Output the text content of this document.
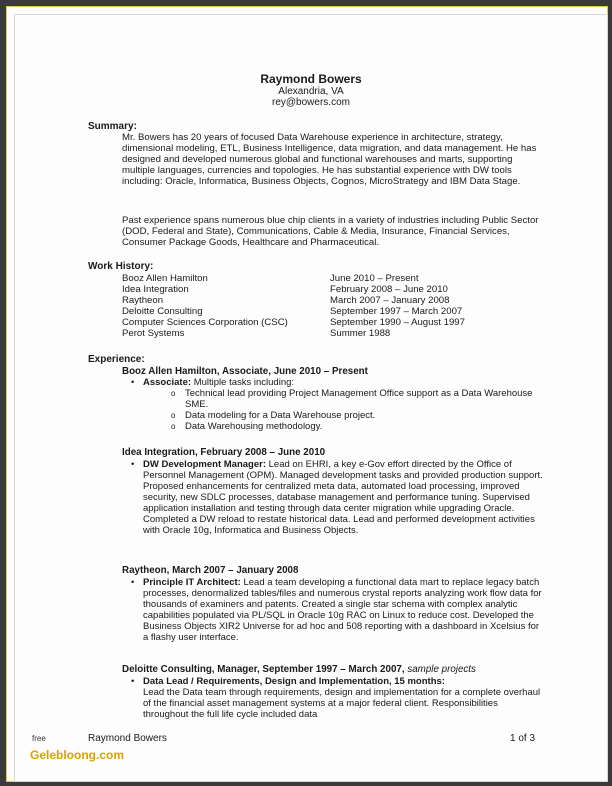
Raymond Bowers
Alexandria, VA
rey@bowers.com
Summary:
Mr. Bowers has 20 years of focused Data Warehouse experience in architecture, strategy, dimensional modeling, ETL, Business Intelligence, data migration, and data management. He has designed and developed numerous global and functional warehouses and marts, supporting multiple languages, currencies and topologies. He has substantial experience with DW tools including: Oracle, Informatica, Business Objects, Cognos, MicroStrategy and IBM Data Stage.
Past experience spans numerous blue chip clients in a variety of industries including Public Sector (DOD, Federal and State), Communications, Cable & Media, Insurance, Financial Services, Consumer Package Goods, Healthcare and Pharmaceutical.
Work History:
Booz Allen Hamilton	June 2010 – Present
Idea Integration	February 2008 – June 2010
Raytheon	March 2007 – January 2008
Deloitte Consulting	September 1997 – March 2007
Computer Sciences Corporation (CSC)	September 1990 – August 1997
Perot Systems	Summer 1988
Experience:
Booz Allen Hamilton, Associate, June 2010 – Present
• Associate: Multiple tasks including:
o Technical lead providing Project Management Office support as a Data Warehouse SME.
o Data modeling for a Data Warehouse project.
o Data Warehousing methodology.
Idea Integration, February 2008 – June 2010
• DW Development Manager: Lead on EHRI, a key e-Gov effort directed by the Office of Personnel Management (OPM). Managed development tasks and provided production support. Proposed enhancements for centralized meta data, automated load processing, improved security, new SDLC processes, database management and performance tuning. Supervised application installation and testing through data center migration while upgrading Oracle. Completed a DW reload to restate historical data. Lead and performed development activities with Oracle 10g, Informatica and Business Objects.
Raytheon, March 2007 – January 2008
• Principle IT Architect: Lead a team developing a functional data mart to replace legacy batch processes, denormalized tables/files and numerous crystal reports analyzing work flow data for thousands of examiners and patents. Created a single star schema with complex analytic capabilities populated via PL/SQL in Oracle 10g RAC on Linux to reduce cost. Developed the Business Objects XIR2 Universe for ad hoc and 508 reporting with a dashboard in Xcelsius for a flashy user interface.
Deloitte Consulting, Manager, September 1997 – March 2007, sample projects
• Data Lead / Requirements, Design and Implementation, 15 months:
Lead the Data team through requirements, design and implementation for a complete overhaul of the financial asset management systems at a major federal client. Responsibilities throughout the full life cycle included data
Raymond Bowers	1 of 3
free
Gelebloong.com
